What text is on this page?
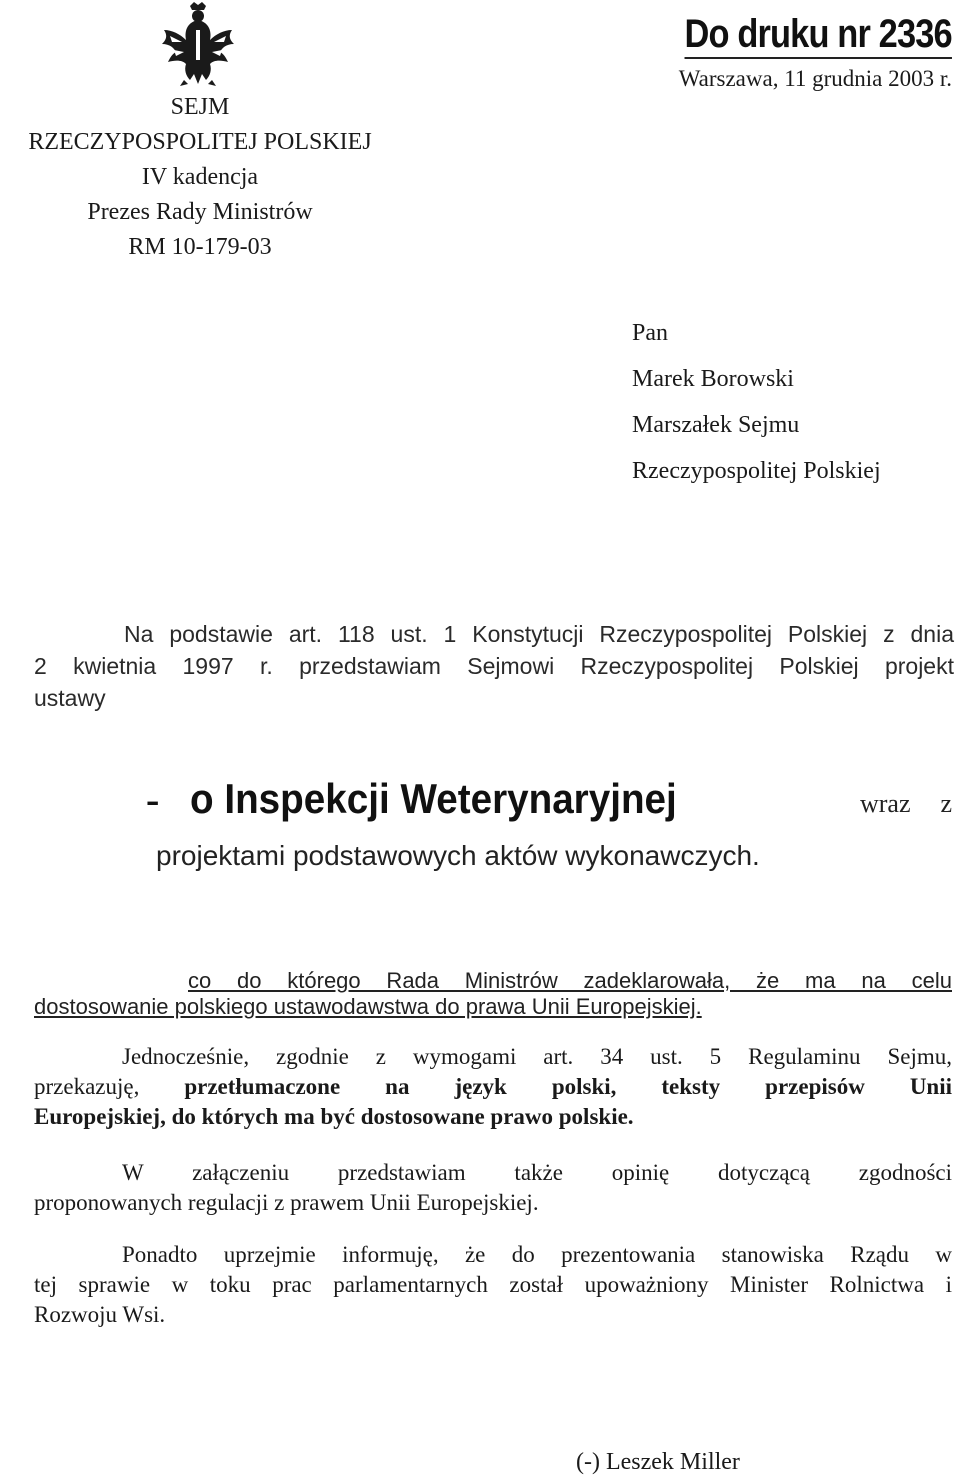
SEJM
RZECZYPOSPOLITEJ POLSKIEJ
IV kadencja
Prezes Rady Ministrów
RM 10-179-03
Do druku nr 2336
Warszawa, 11 grudnia 2003 r.
Pan
Marek Borowski
Marszałek Sejmu
Rzeczypospolitej Polskiej
Na podstawie art. 118 ust. 1 Konstytucji Rzeczypospolitej Polskiej z dnia
2 kwietnia 1997 r. przedstawiam Sejmowi Rzeczypospolitej Polskiej projekt
ustawy
- o Inspekcji Weterynaryjnej	wraz z
projektami podstawowych aktów wykonawczych.
co do którego Rada Ministrów zadeklarowała, że ma na celu
dostosowanie polskiego ustawodawstwa do prawa Unii Europejskiej.
Jednocześnie, zgodnie z wymogami art. 34 ust. 5 Regulaminu Sejmu,
przekazuję, przetłumaczone na język polski, teksty przepisów Unii
Europejskiej, do których ma być dostosowane prawo polskie.
W załączeniu przedstawiam także opinię dotyczącą zgodności
proponowanych regulacji z prawem Unii Europejskiej.
Ponadto uprzejmie informuję, że do prezentowania stanowiska Rządu w
tej sprawie w toku prac parlamentarnych został upoważniony Minister Rolnictwa i
Rozwoju Wsi.
(-) Leszek Miller
